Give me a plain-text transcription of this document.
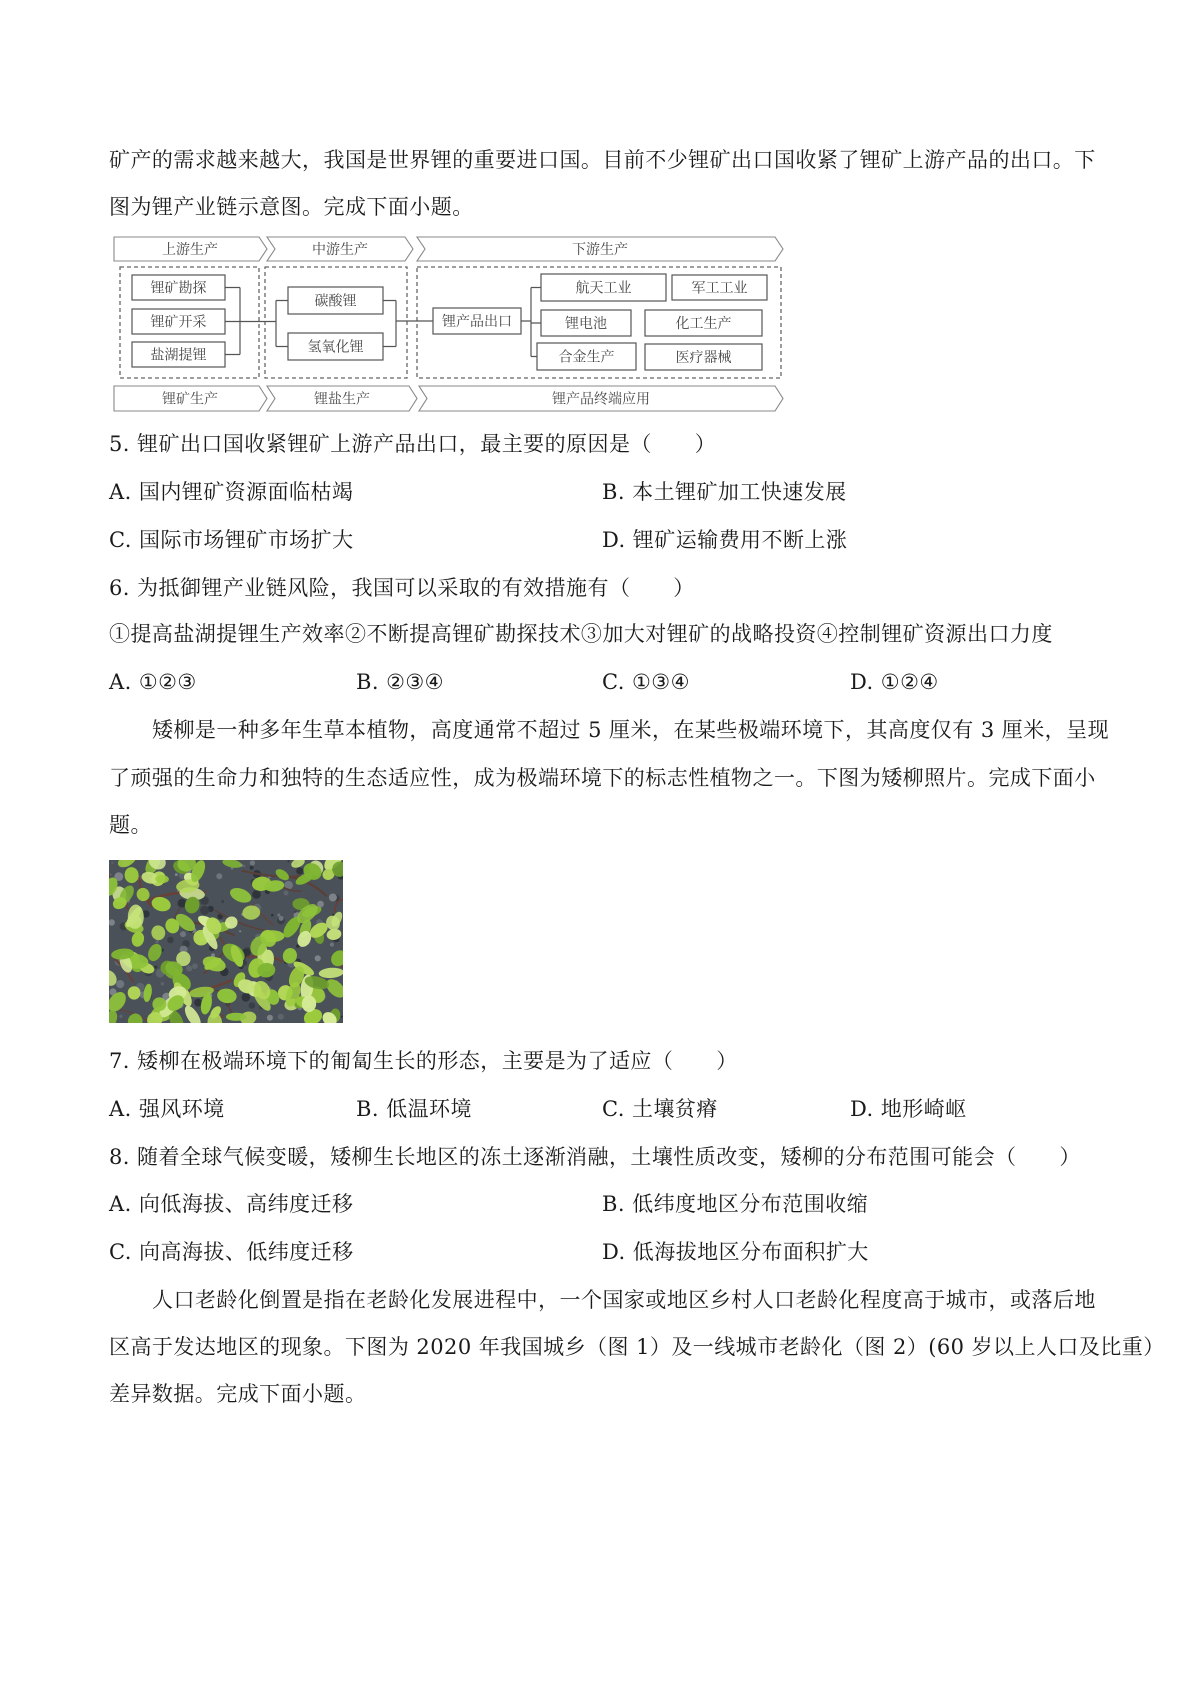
矿产的需求越来越大，我国是世界锂的重要进口国。目前不少锂矿出口国收紧了锂矿上游产品的出口。下
图为锂产业链示意图。完成下面小题。
上游生产	中游生产	下游生产
锂矿勘探
锂矿开采
盐湖提锂
碳酸锂
氢氧化锂
锂产品出口
航天工业	军工工业
锂电池	化工生产
合金生产	医疗器械
锂矿生产	锂盐生产	锂产品终端应用
5. 锂矿出口国收紧锂矿上游产品出口，最主要的原因是（　　）
A. 国内锂矿资源面临枯竭	B. 本土锂矿加工快速发展
C. 国际市场锂矿市场扩大	D. 锂矿运输费用不断上涨
6. 为抵御锂产业链风险，我国可以采取的有效措施有（　　）
①提高盐湖提锂生产效率②不断提高锂矿勘探技术③加大对锂矿的战略投资④控制锂矿资源出口力度
A. ①②③	B. ②③④	C. ①③④	D. ①②④
矮柳是一种多年生草本植物，高度通常不超过 5 厘米，在某些极端环境下，其高度仅有 3 厘米，呈现
了顽强的生命力和独特的生态适应性，成为极端环境下的标志性植物之一。下图为矮柳照片。完成下面小
题。
7. 矮柳在极端环境下的匍匐生长的形态，主要是为了适应（　　）
A. 强风环境	B. 低温环境	C. 土壤贫瘠	D. 地形崎岖
8. 随着全球气候变暖，矮柳生长地区的冻土逐渐消融，土壤性质改变，矮柳的分布范围可能会（　　）
A. 向低海拔、高纬度迁移	B. 低纬度地区分布范围收缩
C. 向高海拔、低纬度迁移	D. 低海拔地区分布面积扩大
人口老龄化倒置是指在老龄化发展进程中，一个国家或地区乡村人口老龄化程度高于城市，或落后地
区高于发达地区的现象。下图为 2020 年我国城乡（图 1）及一线城市老龄化（图 2）(60 岁以上人口及比重）
差异数据。完成下面小题。
